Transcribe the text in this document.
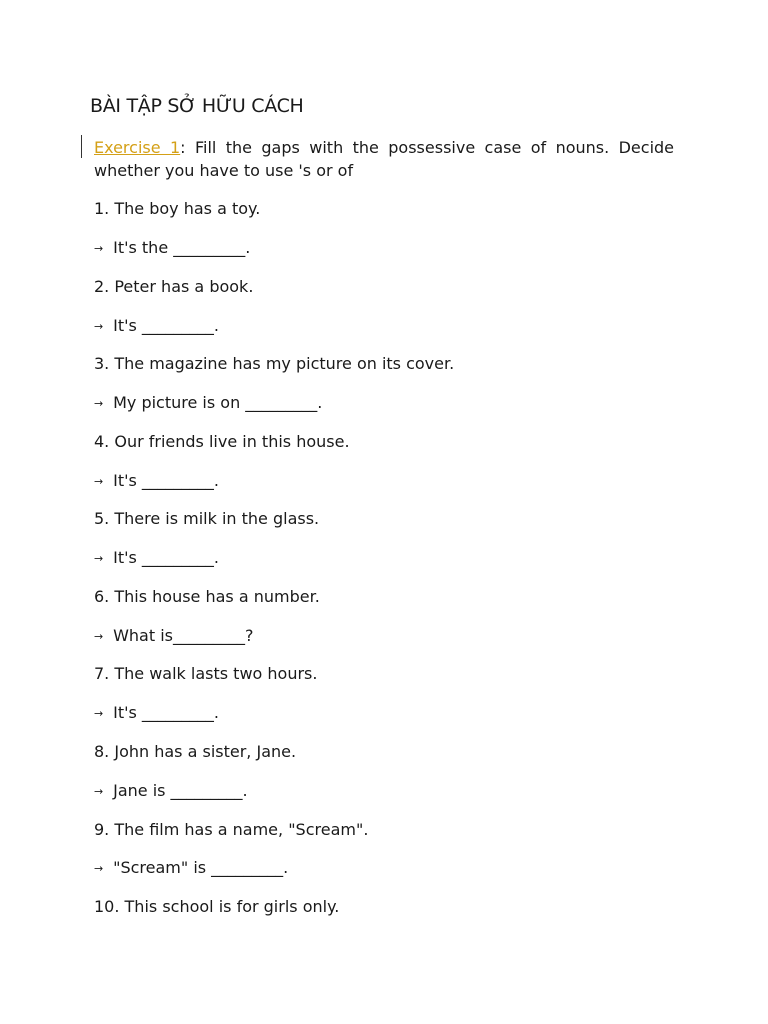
BÀI TẬP SỞ HỮU CÁCH
Exercise 1: Fill the gaps with the possessive case of nouns. Decide whether you have to use 's or of
1. The boy has a toy.
→ It's the _________.
2. Peter has a book.
→ It's _________.
3. The magazine has my picture on its cover.
→ My picture is on _________.
4. Our friends live in this house.
→ It's _________.
5. There is milk in the glass.
→ It's _________.
6. This house has a number.
→ What is_________?
7. The walk lasts two hours.
→ It's _________.
8. John has a sister, Jane.
→ Jane is _________.
9. The film has a name, "Scream".
→ "Scream" is _________.
10. This school is for girls only.
